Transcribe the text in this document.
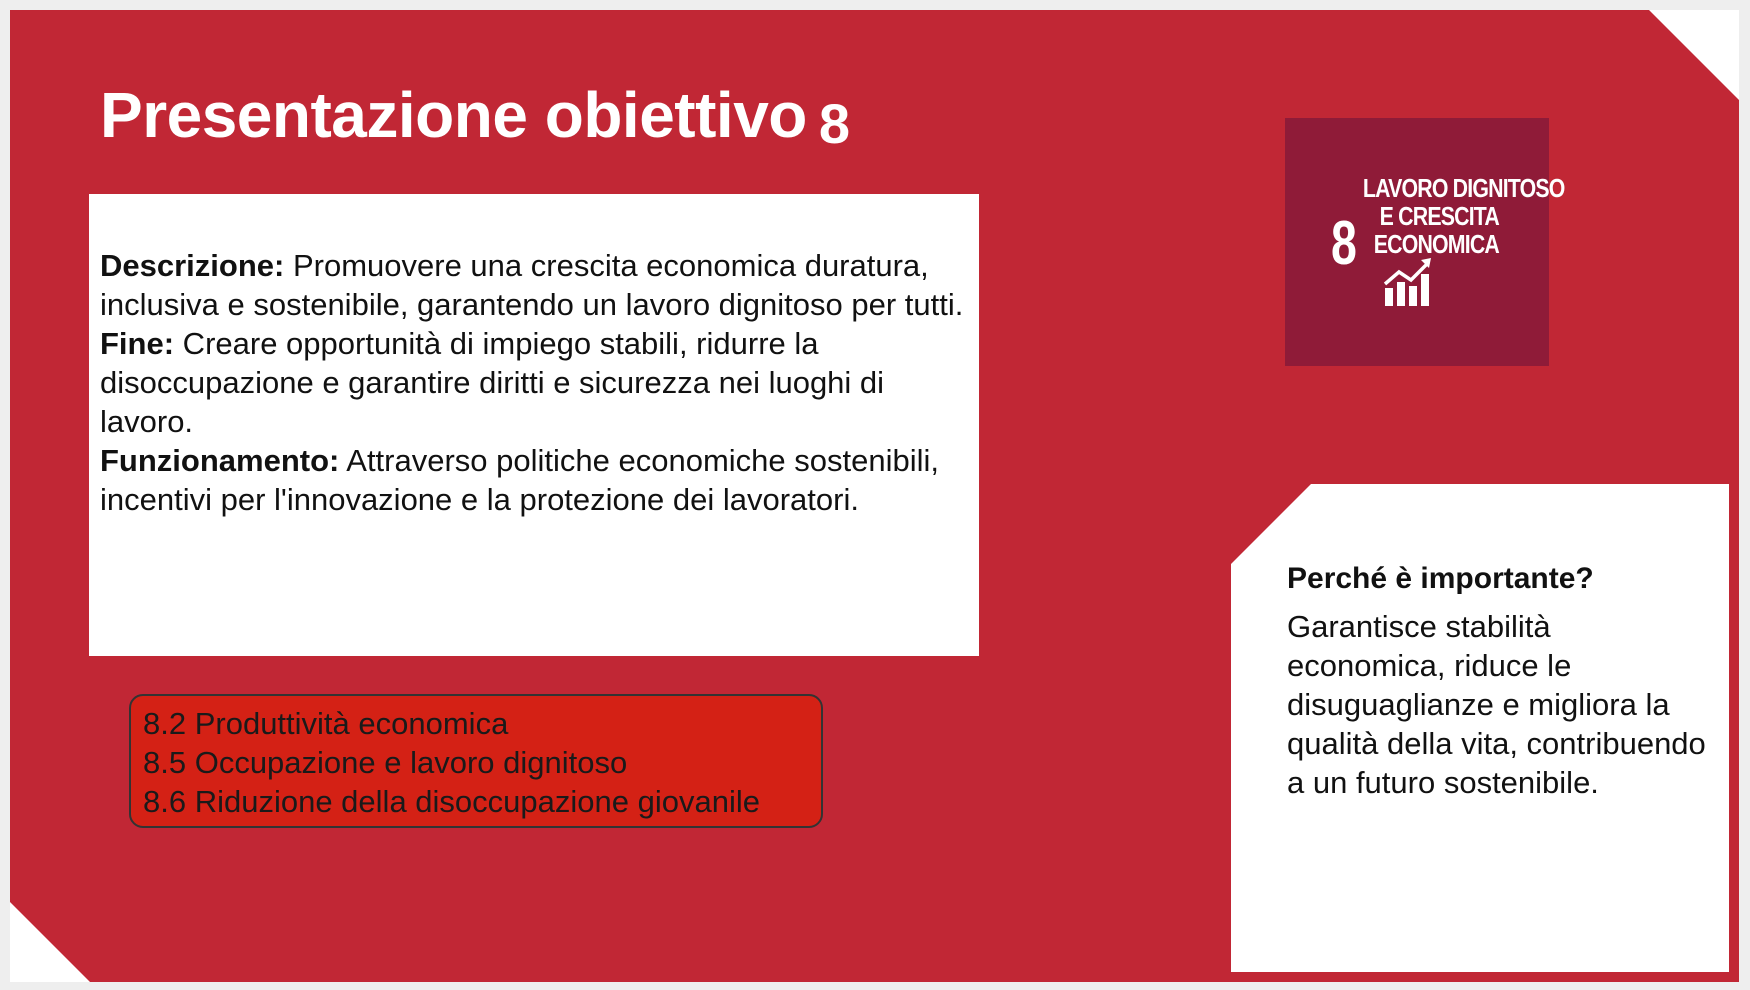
Presentazione obiettivo 8

Descrizione: Promuovere una crescita economica duratura, inclusiva e sostenibile, garantendo un lavoro dignitoso per tutti.

Fine: Creare opportunità di impiego stabili, ridurre la disoccupazione e garantire diritti e sicurezza nei luoghi di lavoro.

Funzionamento: Attraverso politiche economiche sostenibili, incentivi per l'innovazione e la protezione dei lavoratori.

8.2 Produttività economica
8.5 Occupazione e lavoro dignitoso
8.6 Riduzione della disoccupazione giovanile
8
LAVORO DIGNITOSO
E CRESCITA
ECONOMICA
Perché è importante?
Garantisce stabilità economica, riduce le disuguaglianze e migliora la qualità della vita, contribuendo a un futuro sostenibile.
